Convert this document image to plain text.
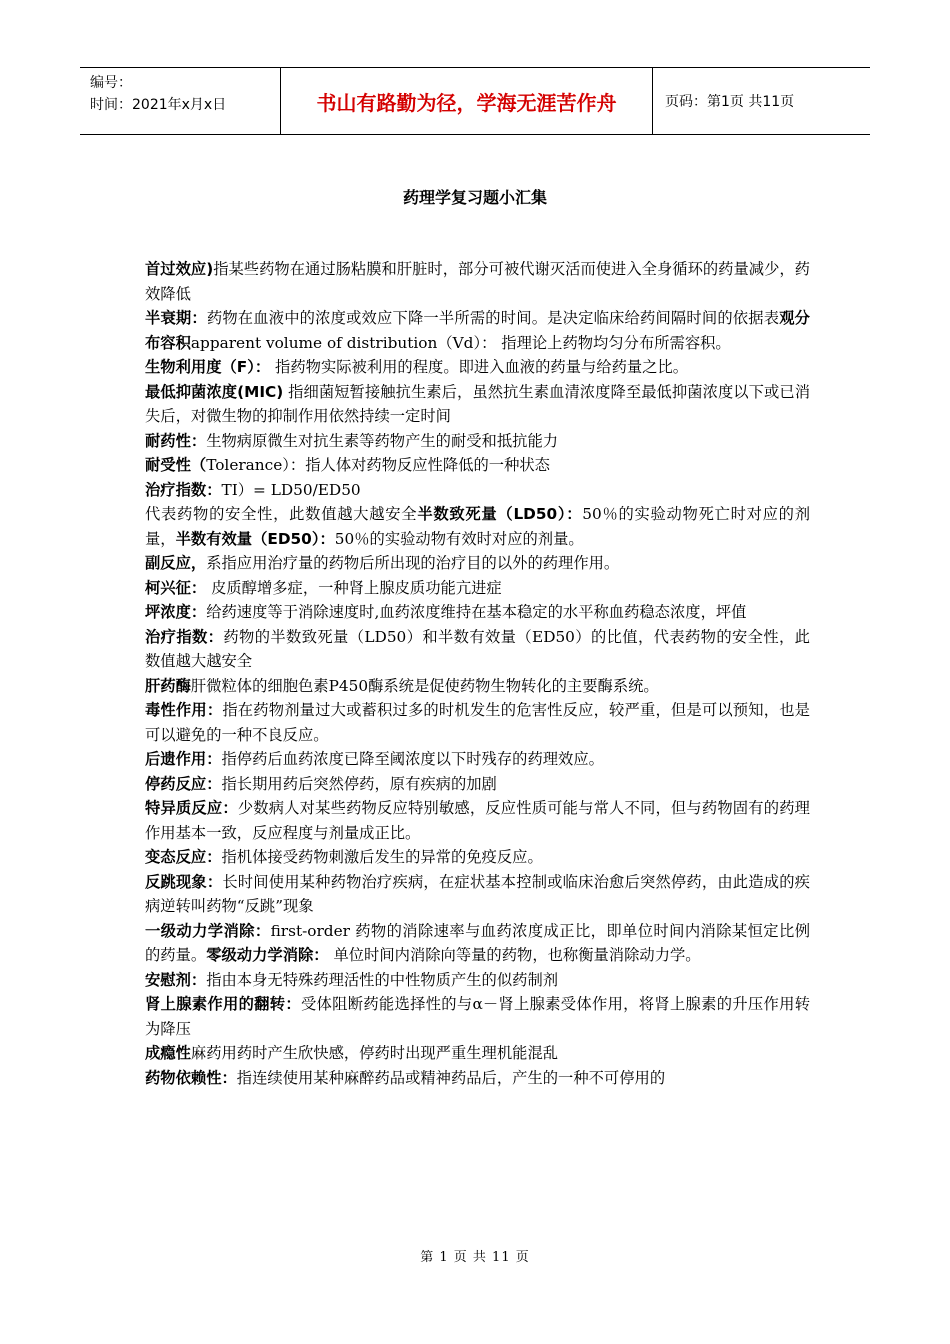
编号：
时间：2021年x月x日	书山有路勤为径，学海无涯苦作舟	页码：第1页 共11页
药理学复习题小汇集

首过效应)指某些药物在通过肠粘膜和肝脏时，部分可被代谢灭活而使进入全身循环的药量减少，药效降低

半衰期：药物在血液中的浓度或效应下降一半所需的时间。是决定临床给药间隔时间的依据表观分布容积apparent volume of distribution（Vd）： 指理论上药物均匀分布所需容积。

生物利用度（F）： 指药物实际被利用的程度。即进入血液的药量与给药量之比。

最低抑菌浓度(MIC) 指细菌短暂接触抗生素后，虽然抗生素血清浓度降至最低抑菌浓度以下或已消失后，对微生物的抑制作用依然持续一定时间

耐药性：生物病原微生对抗生素等药物产生的耐受和抵抗能力

耐受性（Tolerance）：指人体对药物反应性降低的一种状态

治疗指数：TI）= LD50/ED50

代表药物的安全性，此数值越大越安全半数致死量（LD50）：50％的实验动物死亡时对应的剂量，半数有效量（ED50）：50％的实验动物有效时对应的剂量。

副反应，系指应用治疗量的药物后所出现的治疗目的以外的药理作用。

柯兴征： 皮质醇增多症，一种肾上腺皮质功能亢进症

坪浓度：给药速度等于消除速度时,血药浓度维持在基本稳定的水平称血药稳态浓度，坪值

治疗指数：药物的半数致死量（LD50）和半数有效量（ED50）的比值，代表药物的安全性，此数值越大越安全

肝药酶肝微粒体的细胞色素P450酶系统是促使药物生物转化的主要酶系统。

毒性作用：指在药物剂量过大或蓄积过多的时机发生的危害性反应，较严重，但是可以预知，也是可以避免的一种不良反应。

后遗作用：指停药后血药浓度已降至阈浓度以下时残存的药理效应。

停药反应：指长期用药后突然停药，原有疾病的加剧

特异质反应：少数病人对某些药物反应特别敏感，反应性质可能与常人不同，但与药物固有的药理作用基本一致，反应程度与剂量成正比。

变态反应：指机体接受药物刺激后发生的异常的免疫反应。

反跳现象：长时间使用某种药物治疗疾病，在症状基本控制或临床治愈后突然停药，由此造成的疾病逆转叫药物“反跳”现象

一级动力学消除：first-order 药物的消除速率与血药浓度成正比，即单位时间内消除某恒定比例的药量。零级动力学消除： 单位时间内消除向等量的药物，也称衡量消除动力学。

安慰剂：指由本身无特殊药理活性的中性物质产生的似药制剂

肾上腺素作用的翻转：受体阻断药能选择性的与α－肾上腺素受体作用，将肾上腺素的升压作用转为降压

成瘾性麻药用药时产生欣快感，停药时出现严重生理机能混乱

药物依赖性：指连续使用某种麻醉药品或精神药品后，产生的一种不可停用的

第 1 页 共 11 页
